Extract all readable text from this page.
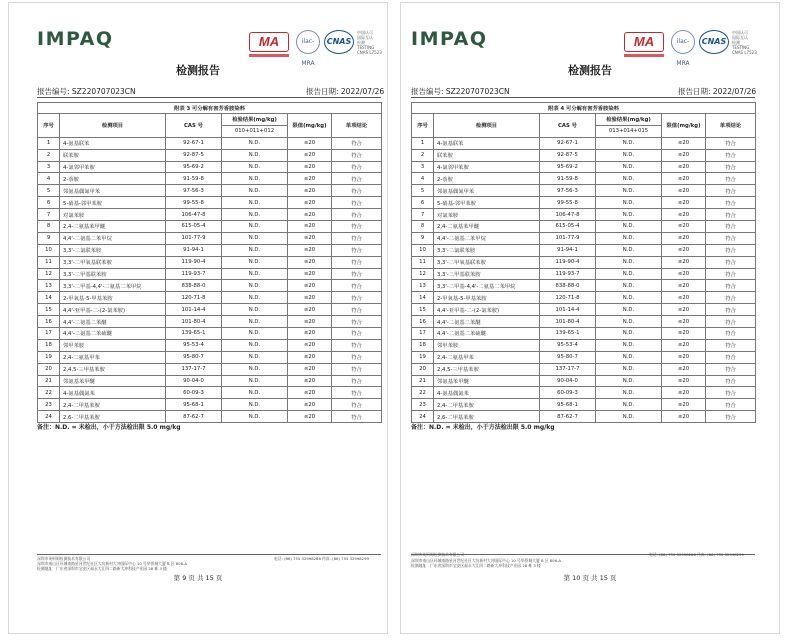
IMPAQ	MA	ilac-MRA
CNAS
中国认可
国际互认
检测
TESTING
CNAS L7523
检测报告
报告编号: SZ220707023CN	报告日期: 2022/07/26
附表 3 可分解有害芳香胺染料					
序号	检测项目	CAS 号	检验结果(mg/kg)	限值(mg/kg)	单项结论
			010+011+012		
1	4-氨基联苯	92-67-1	N.D.	≤20	符合
2	联苯胺	92-87-5	N.D.	≤20	符合
3	4-氯邻甲苯胺	95-69-2	N.D.	≤20	符合
4	2-萘胺	91-59-8	N.D.	≤20	符合
5	邻氨基偶氮甲苯	97-56-3	N.D.	≤20	符合
6	5-硝基-邻甲苯胺	99-55-8	N.D.	≤20	符合
7	对氯苯胺	106-47-8	N.D.	≤20	符合
8	2,4-二氨基苯甲醚	615-05-4	N.D.	≤20	符合
9	4,4'-二氨基二苯甲烷	101-77-9	N.D.	≤20	符合
10	3,3'-二氯联苯胺	91-94-1	N.D.	≤20	符合
11	3,3'-二甲氧基联苯胺	119-90-4	N.D.	≤20	符合
12	3,3'-二甲基联苯胺	119-93-7	N.D.	≤20	符合
13	3,3'-二甲基-4,4'-二氨基二苯甲烷	838-88-0	N.D.	≤20	符合
14	2-甲氧基-5-甲基苯胺	120-71-8	N.D.	≤20	符合
15	4,4'-亚甲基-二-(2-氯苯胺)	101-14-4	N.D.	≤20	符合
16	4,4'-二氨基二苯醚	101-80-4	N.D.	≤20	符合
17	4,4'-二氨基二苯硫醚	139-65-1	N.D.	≤20	符合
18	邻甲苯胺	95-53-4	N.D.	≤20	符合
19	2,4-二氨基甲苯	95-80-7	N.D.	≤20	符合
20	2,4,5-三甲基苯胺	137-17-7	N.D.	≤20	符合
21	邻氨基苯甲醚	90-04-0	N.D.	≤20	符合
22	4-氨基偶氮苯	60-09-3	N.D.	≤20	符合
23	2,4-二甲基苯胺	95-68-1	N.D.	≤20	符合
24	2,6-二甲基苯胺	87-62-7	N.D.	≤20	符合
备注：N.D. = 未检出，小于方法检出限 5.0 mg/kg
深圳市英柯姆检测技术有限公司
深圳市南山区环城南路星河世纪社区大坑新村大冲国际中心 10 号华侨城大厦 B 区 806-A
检测地址：广东省深圳市宝安区福永大江四二路新大冲科技产业园 28 栋 3 楼
电话: (86) 755 32998286 传真: (86) 755 32998299
第 9 页 共 15 页
IMPAQ	MA	ilac-MRA
CNAS
中国认可
国际互认
检测
TESTING
CNAS L7523
检测报告
报告编号: SZ220707023CN	报告日期: 2022/07/26
附表 4 可分解有害芳香胺染料					
序号	检测项目	CAS 号	检验结果(mg/kg)	限值(mg/kg)	单项结论
			013+014+015		
1	4-氨基联苯	92-67-1	N.D.	≤20	符合
2	联苯胺	92-87-5	N.D.	≤20	符合
3	4-氯邻甲苯胺	95-69-2	N.D.	≤20	符合
4	2-萘胺	91-59-8	N.D.	≤20	符合
5	邻氨基偶氮甲苯	97-56-3	N.D.	≤20	符合
6	5-硝基-邻甲苯胺	99-55-8	N.D.	≤20	符合
7	对氯苯胺	106-47-8	N.D.	≤20	符合
8	2,4-二氨基苯甲醚	615-05-4	N.D.	≤20	符合
9	4,4'-二氨基二苯甲烷	101-77-9	N.D.	≤20	符合
10	3,3'-二氯联苯胺	91-94-1	N.D.	≤20	符合
11	3,3'-二甲氧基联苯胺	119-90-4	N.D.	≤20	符合
12	3,3'-二甲基联苯胺	119-93-7	N.D.	≤20	符合
13	3,3'-二甲基-4,4'-二氨基二苯甲烷	838-88-0	N.D.	≤20	符合
14	2-甲氧基-5-甲基苯胺	120-71-8	N.D.	≤20	符合
15	4,4'-亚甲基-二-(2-氯苯胺)	101-14-4	N.D.	≤20	符合
16	4,4'-二氨基二苯醚	101-80-4	N.D.	≤20	符合
17	4,4'-二氨基二苯硫醚	139-65-1	N.D.	≤20	符合
18	邻甲苯胺	95-53-4	N.D.	≤20	符合
19	2,4-二氨基甲苯	95-80-7	N.D.	≤20	符合
20	2,4,5-三甲基苯胺	137-17-7	N.D.	≤20	符合
21	邻氨基苯甲醚	90-04-0	N.D.	≤20	符合
22	4-氨基偶氮苯	60-09-3	N.D.	≤20	符合
23	2,4-二甲基苯胺	95-68-1	N.D.	≤20	符合
24	2,6-二甲基苯胺	87-62-7	N.D.	≤20	符合
备注：N.D. = 未检出，小于方法检出限 5.0 mg/kg
深圳市英柯姆检测技术有限公司
深圳市南山区环城南路星河世纪社区大坑新村大冲国际中心 10 号华侨城大厦 B 区 806-A
检测地址：广东省深圳市宝安区福永大江四二路新大冲科技产业园 28 栋 3 楼
电话: (86) 755 32998288 传真: (86) 755 32998299
第 10 页 共 15 页
